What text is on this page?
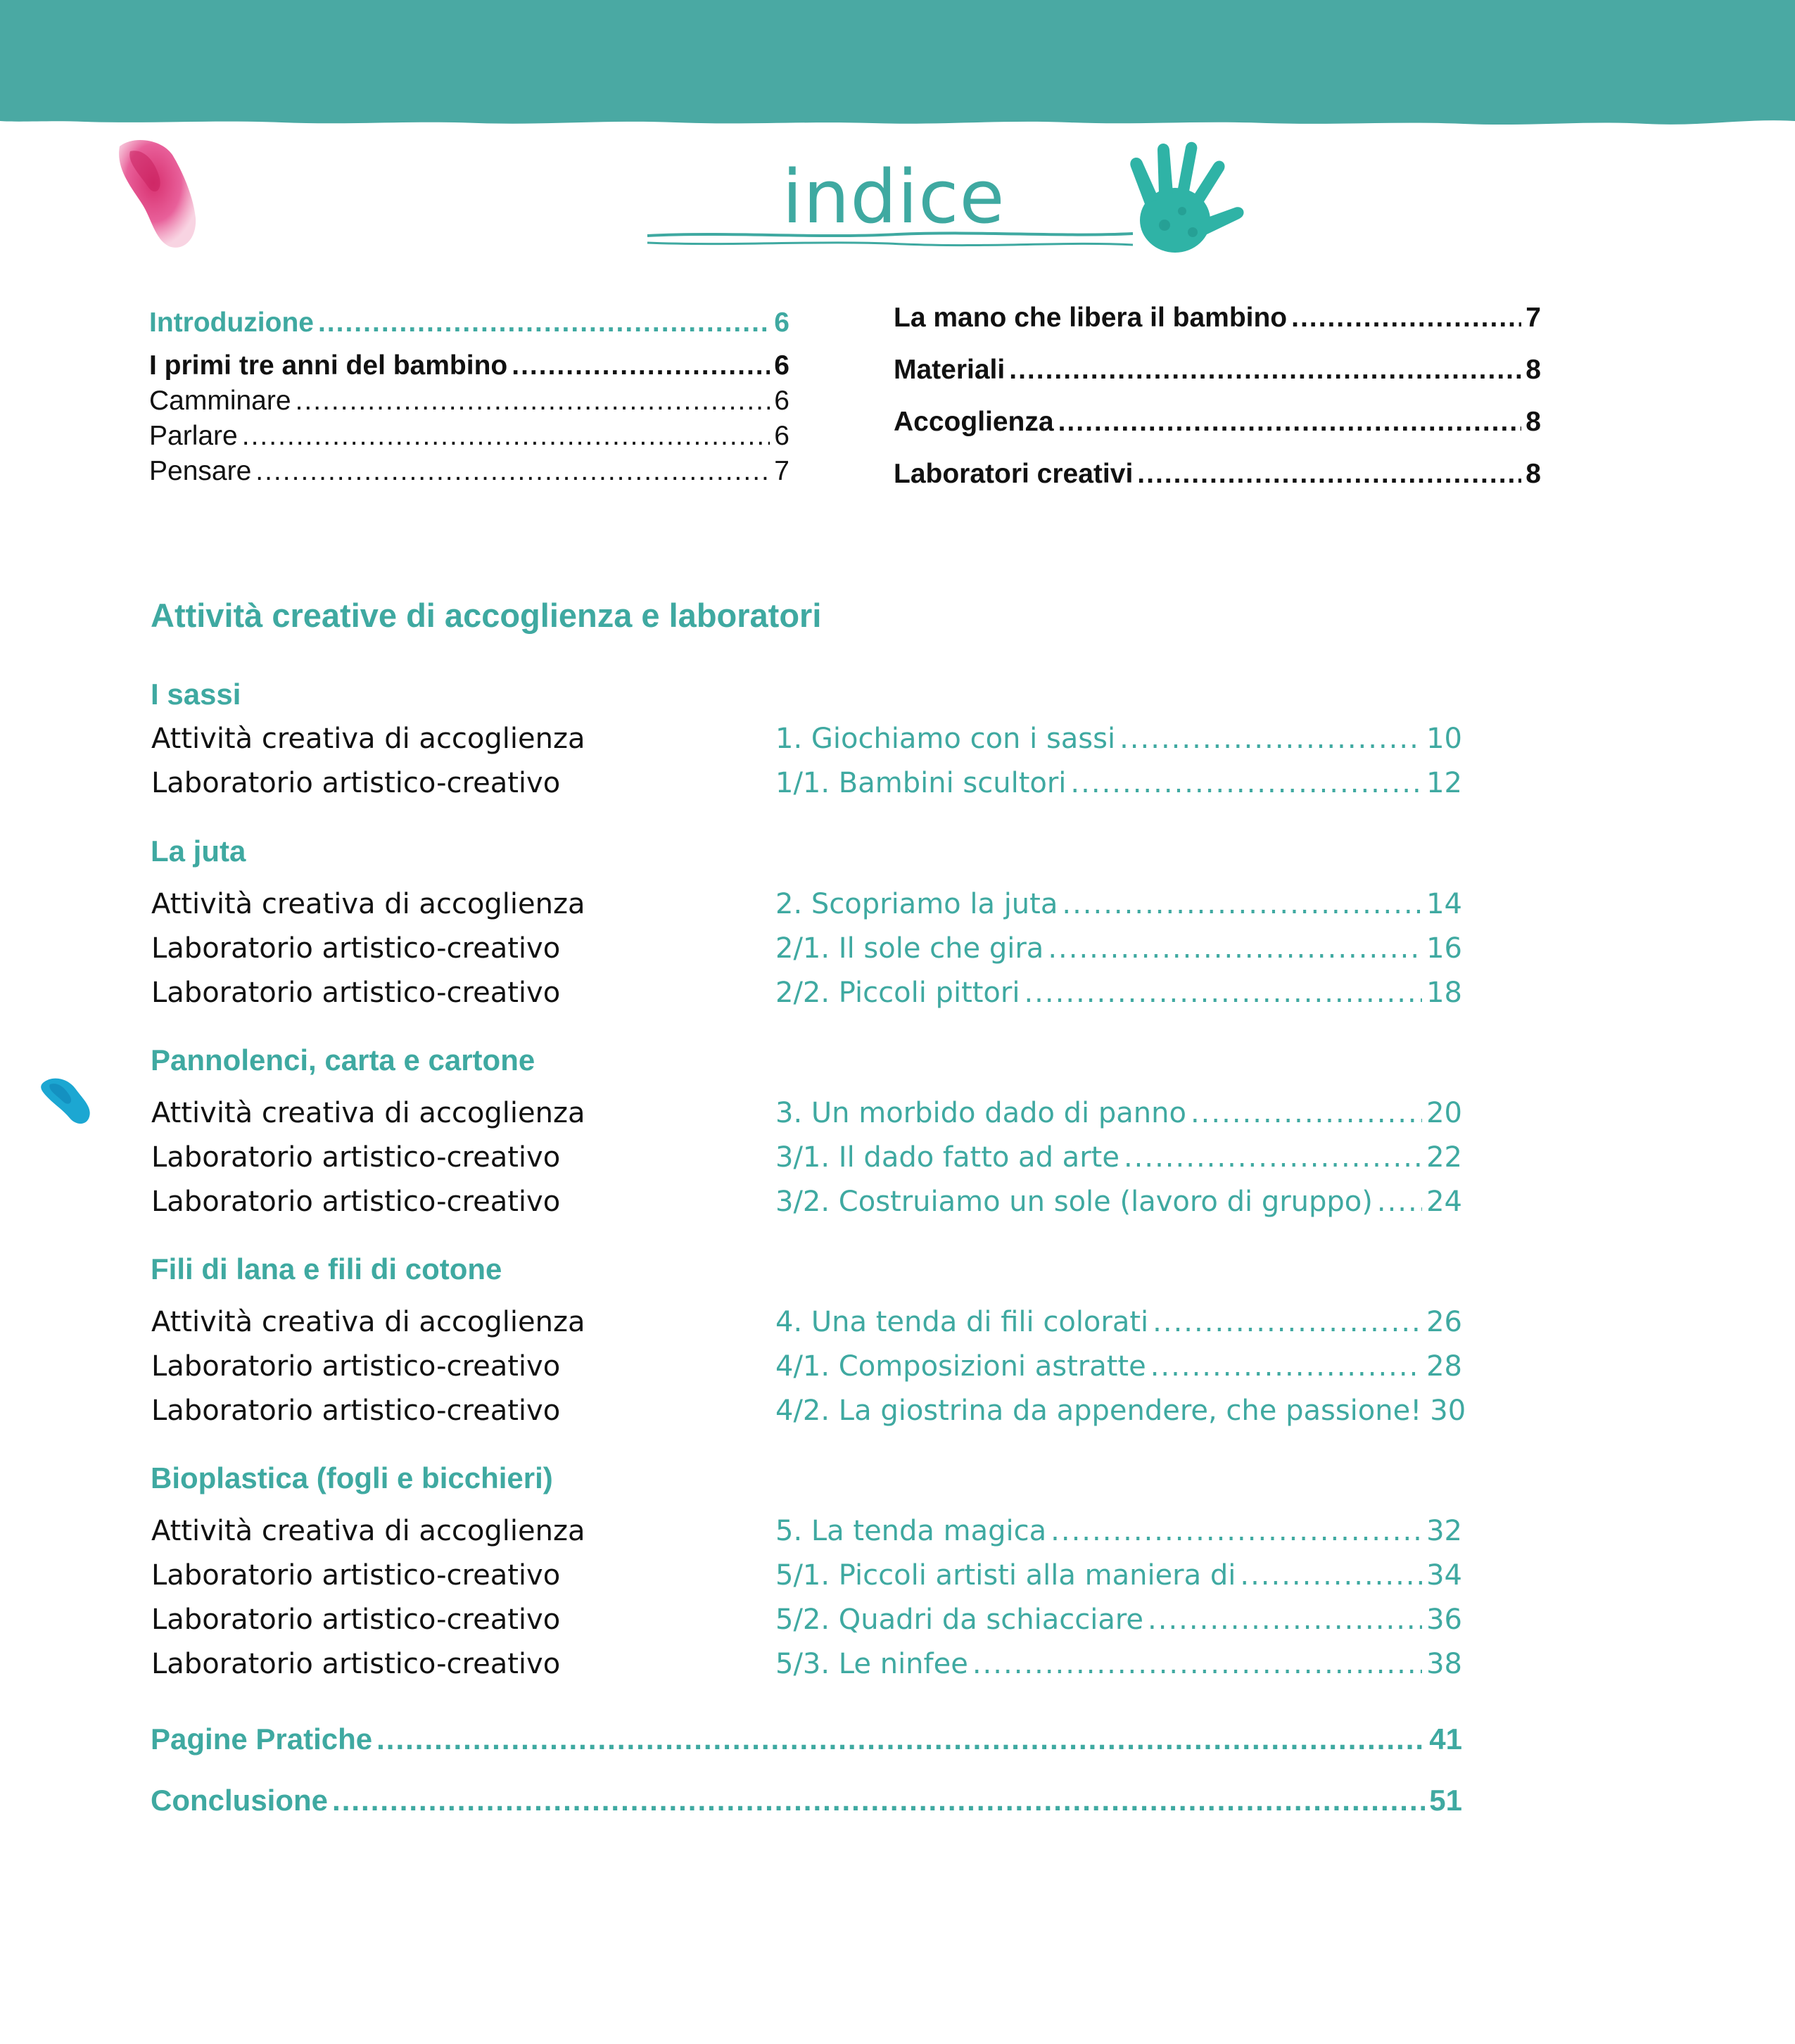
indice
Introduzione .....	6
I primi tre anni del bambino .....	6
Camminare .....	6
Parlare .....	6
Pensare .....	7
La mano che libera il bambino .....	7
Materiali .....	8
Accoglienza .....	8
Laboratori creativi .....	8
Attività creative di accoglienza e laboratori
I sassi
Attività creativa di accoglienza	1. Giochiamo con i sassi .....	10
Laboratorio artistico-creativo	1/1. Bambini scultori .....	12
La juta
Attività creativa di accoglienza	2. Scopriamo la juta .....	14
Laboratorio artistico-creativo	2/1. Il sole che gira .....	16
Laboratorio artistico-creativo	2/2. Piccoli pittori .....	18
Pannolenci, carta e cartone
Attività creativa di accoglienza	3. Un morbido dado di panno .....	20
Laboratorio artistico-creativo	3/1. Il dado fatto ad arte .....	22
Laboratorio artistico-creativo	3/2. Costruiamo un sole (lavoro di gruppo) ..... 24
Fili di lana e fili di cotone
Attività creativa di accoglienza	4. Una tenda di fili colorati .....	26
Laboratorio artistico-creativo	4/1. Composizioni astratte .....	28
Laboratorio artistico-creativo	4/2. La giostrina da appendere, che passione! 30
Bioplastica (fogli e bicchieri)
Attività creativa di accoglienza	5. La tenda magica .....	32
Laboratorio artistico-creativo	5/1. Piccoli artisti alla maniera di .....	34
Laboratorio artistico-creativo	5/2. Quadri da schiacciare .....	36
Laboratorio artistico-creativo	5/3. Le ninfee .....	38
Pagine Pratiche .....	41
Conclusione .....	51
